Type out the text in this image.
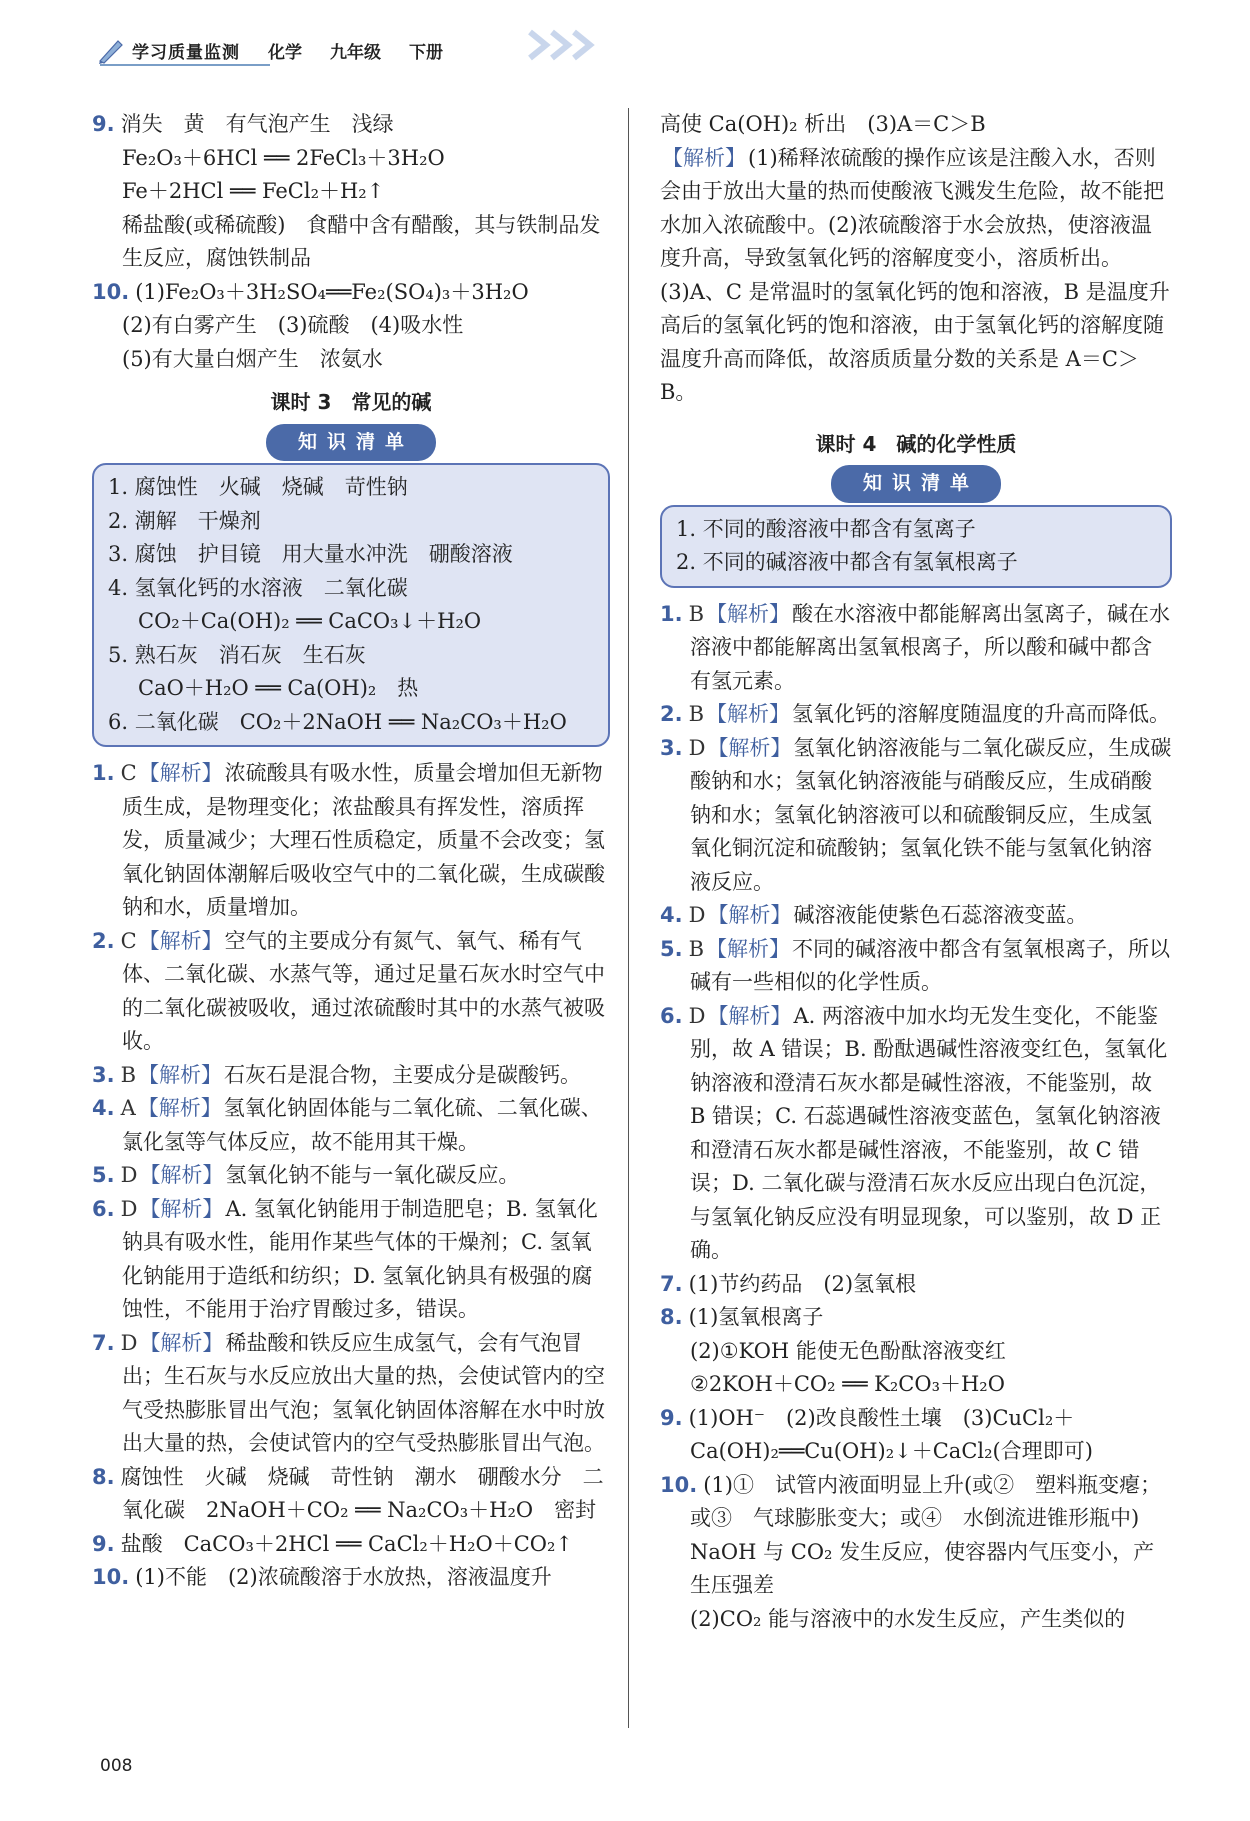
学习质量监测 化学 九年级 下册

9. 消失　黄　有气泡产生　浅绿

Fe₂O₃＋6HCl ══ 2FeCl₃＋3H₂O

Fe＋2HCl ══ FeCl₂＋H₂↑

稀盐酸(或稀硫酸)　食醋中含有醋酸，其与铁制品发生反应，腐蚀铁制品

10. (1)Fe₂O₃＋3H₂SO₄══Fe₂(SO₄)₃＋3H₂O

(2)有白雾产生　(3)硫酸　(4)吸水性

(5)有大量白烟产生　浓氨水

课时 3　常见的碱
知识清单

1. 腐蚀性　火碱　烧碱　苛性钠

2. 潮解　干燥剂

3. 腐蚀　护目镜　用大量水冲洗　硼酸溶液

4. 氢氧化钙的水溶液　二氧化碳

CO₂＋Ca(OH)₂ ══ CaCO₃↓＋H₂O

5. 熟石灰　消石灰　生石灰

CaO＋H₂O ══ Ca(OH)₂　热

6. 二氧化碳　CO₂＋2NaOH ══ Na₂CO₃＋H₂O

1. C【解析】浓硫酸具有吸水性，质量会增加但无新物质生成，是物理变化；浓盐酸具有挥发性，溶质挥发，质量减少；大理石性质稳定，质量不会改变；氢氧化钠固体潮解后吸收空气中的二氧化碳，生成碳酸钠和水，质量增加。

2. C【解析】空气的主要成分有氮气、氧气、稀有气体、二氧化碳、水蒸气等，通过足量石灰水时空气中的二氧化碳被吸收，通过浓硫酸时其中的水蒸气被吸收。

3. B【解析】石灰石是混合物，主要成分是碳酸钙。

4. A【解析】氢氧化钠固体能与二氧化硫、二氧化碳、氯化氢等气体反应，故不能用其干燥。

5. D【解析】氢氧化钠不能与一氧化碳反应。

6. D【解析】A. 氢氧化钠能用于制造肥皂；B. 氢氧化钠具有吸水性，能用作某些气体的干燥剂；C. 氢氧化钠能用于造纸和纺织；D. 氢氧化钠具有极强的腐蚀性，不能用于治疗胃酸过多，错误。

7. D【解析】稀盐酸和铁反应生成氢气，会有气泡冒出；生石灰与水反应放出大量的热，会使试管内的空气受热膨胀冒出气泡；氢氧化钠固体溶解在水中时放出大量的热，会使试管内的空气受热膨胀冒出气泡。

8. 腐蚀性　火碱　烧碱　苛性钠　潮水　硼酸水分　二氧化碳　2NaOH＋CO₂ ══ Na₂CO₃＋H₂O　密封

9. 盐酸　CaCO₃＋2HCl ══ CaCl₂＋H₂O＋CO₂↑

10. (1)不能　(2)浓硫酸溶于水放热，溶液温度升

高使 Ca(OH)₂ 析出　(3)A＝C＞B

【解析】(1)稀释浓硫酸的操作应该是注酸入水，否则会由于放出大量的热而使酸液飞溅发生危险，故不能把水加入浓硫酸中。(2)浓硫酸溶于水会放热，使溶液温度升高，导致氢氧化钙的溶解度变小，溶质析出。(3)A、C 是常温时的氢氧化钙的饱和溶液，B 是温度升高后的氢氧化钙的饱和溶液，由于氢氧化钙的溶解度随温度升高而降低，故溶质质量分数的关系是 A＝C＞B。

课时 4　碱的化学性质
知识清单

1. 不同的酸溶液中都含有氢离子

2. 不同的碱溶液中都含有氢氧根离子

1. B【解析】酸在水溶液中都能解离出氢离子，碱在水溶液中都能解离出氢氧根离子，所以酸和碱中都含有氢元素。

2. B【解析】氢氧化钙的溶解度随温度的升高而降低。

3. D【解析】氢氧化钠溶液能与二氧化碳反应，生成碳酸钠和水；氢氧化钠溶液能与硝酸反应，生成硝酸钠和水；氢氧化钠溶液可以和硫酸铜反应，生成氢氧化铜沉淀和硫酸钠；氢氧化铁不能与氢氧化钠溶液反应。

4. D【解析】碱溶液能使紫色石蕊溶液变蓝。

5. B【解析】不同的碱溶液中都含有氢氧根离子，所以碱有一些相似的化学性质。

6. D【解析】A. 两溶液中加水均无发生变化，不能鉴别，故 A 错误；B. 酚酞遇碱性溶液变红色，氢氧化钠溶液和澄清石灰水都是碱性溶液，不能鉴别，故 B 错误；C. 石蕊遇碱性溶液变蓝色，氢氧化钠溶液和澄清石灰水都是碱性溶液，不能鉴别，故 C 错误；D. 二氧化碳与澄清石灰水反应出现白色沉淀，与氢氧化钠反应没有明显现象，可以鉴别，故 D 正确。

7. (1)节约药品　(2)氢氧根

8. (1)氢氧根离子

(2)①KOH 能使无色酚酞溶液变红

②2KOH＋CO₂ ══ K₂CO₃＋H₂O

9. (1)OH⁻　(2)改良酸性土壤　(3)CuCl₂＋Ca(OH)₂══Cu(OH)₂↓＋CaCl₂(合理即可)

10. (1)①　试管内液面明显上升(或②　塑料瓶变瘪；或③　气球膨胀变大；或④　水倒流进锥形瓶中)　NaOH 与 CO₂ 发生反应，使容器内气压变小，产生压强差

(2)CO₂ 能与溶液中的水发生反应，产生类似的

008
